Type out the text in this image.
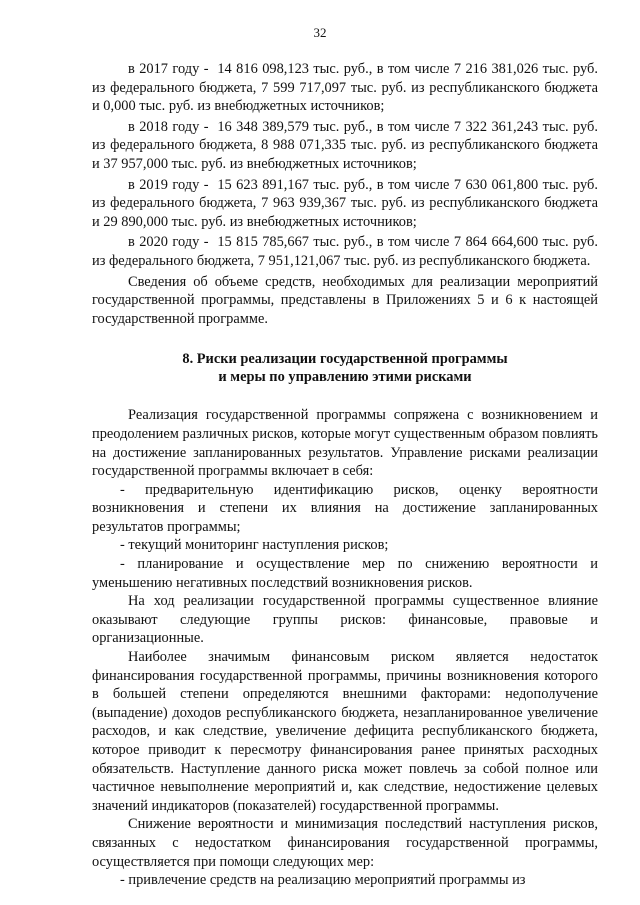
32

в 2017 году - 14 816 098,123 тыс. руб., в том числе 7 216 381,026 тыс. руб. из федерального бюджета, 7 599 717,097 тыс. руб. из республиканского бюджета и 0,000 тыс. руб. из внебюджетных источников;

в 2018 году - 16 348 389,579 тыс. руб., в том числе 7 322 361,243 тыс. руб. из федерального бюджета, 8 988 071,335 тыс. руб. из республиканского бюджета и 37 957,000 тыс. руб. из внебюджетных источников;

в 2019 году - 15 623 891,167 тыс. руб., в том числе 7 630 061,800 тыс. руб. из федерального бюджета, 7 963 939,367 тыс. руб. из республиканского бюджета и 29 890,000 тыс. руб. из внебюджетных источников;

в 2020 году - 15 815 785,667 тыс. руб., в том числе 7 864 664,600 тыс. руб. из федерального бюджета, 7 951,121,067 тыс. руб. из республиканского бюджета.

Сведения об объеме средств, необходимых для реализации мероприятий государственной программы, представлены в Приложениях 5 и 6 к настоящей государственной программе.

8. Риски реализации государственной программы
и меры по управлению этими рисками

Реализация государственной программы сопряжена с возникновением и преодолением различных рисков, которые могут существенным образом повлиять на достижение запланированных результатов. Управление рисками реализации государственной программы включает в себя:

- предварительную идентификацию рисков, оценку вероятности возникновения и степени их влияния на достижение запланированных результатов программы;

- текущий мониторинг наступления рисков;

- планирование и осуществление мер по снижению вероятности и уменьшению негативных последствий возникновения рисков.

На ход реализации государственной программы существенное влияние оказывают следующие группы рисков: финансовые, правовые и организационные.

Наиболее значимым финансовым риском является недостаток финансирования государственной программы, причины возникновения которого в большей степени определяются внешними факторами: недополучение (выпадение) доходов республиканского бюджета, незапланированное увеличение расходов, и как следствие, увеличение дефицита республиканского бюджета, которое приводит к пересмотру финансирования ранее принятых расходных обязательств. Наступление данного риска может повлечь за собой полное или частичное невыполнение мероприятий и, как следствие, недостижение целевых значений индикаторов (показателей) государственной программы.

Снижение вероятности и минимизация последствий наступления рисков, связанных с недостатком финансирования государственной программы, осуществляется при помощи следующих мер:

- привлечение средств на реализацию мероприятий программы из
